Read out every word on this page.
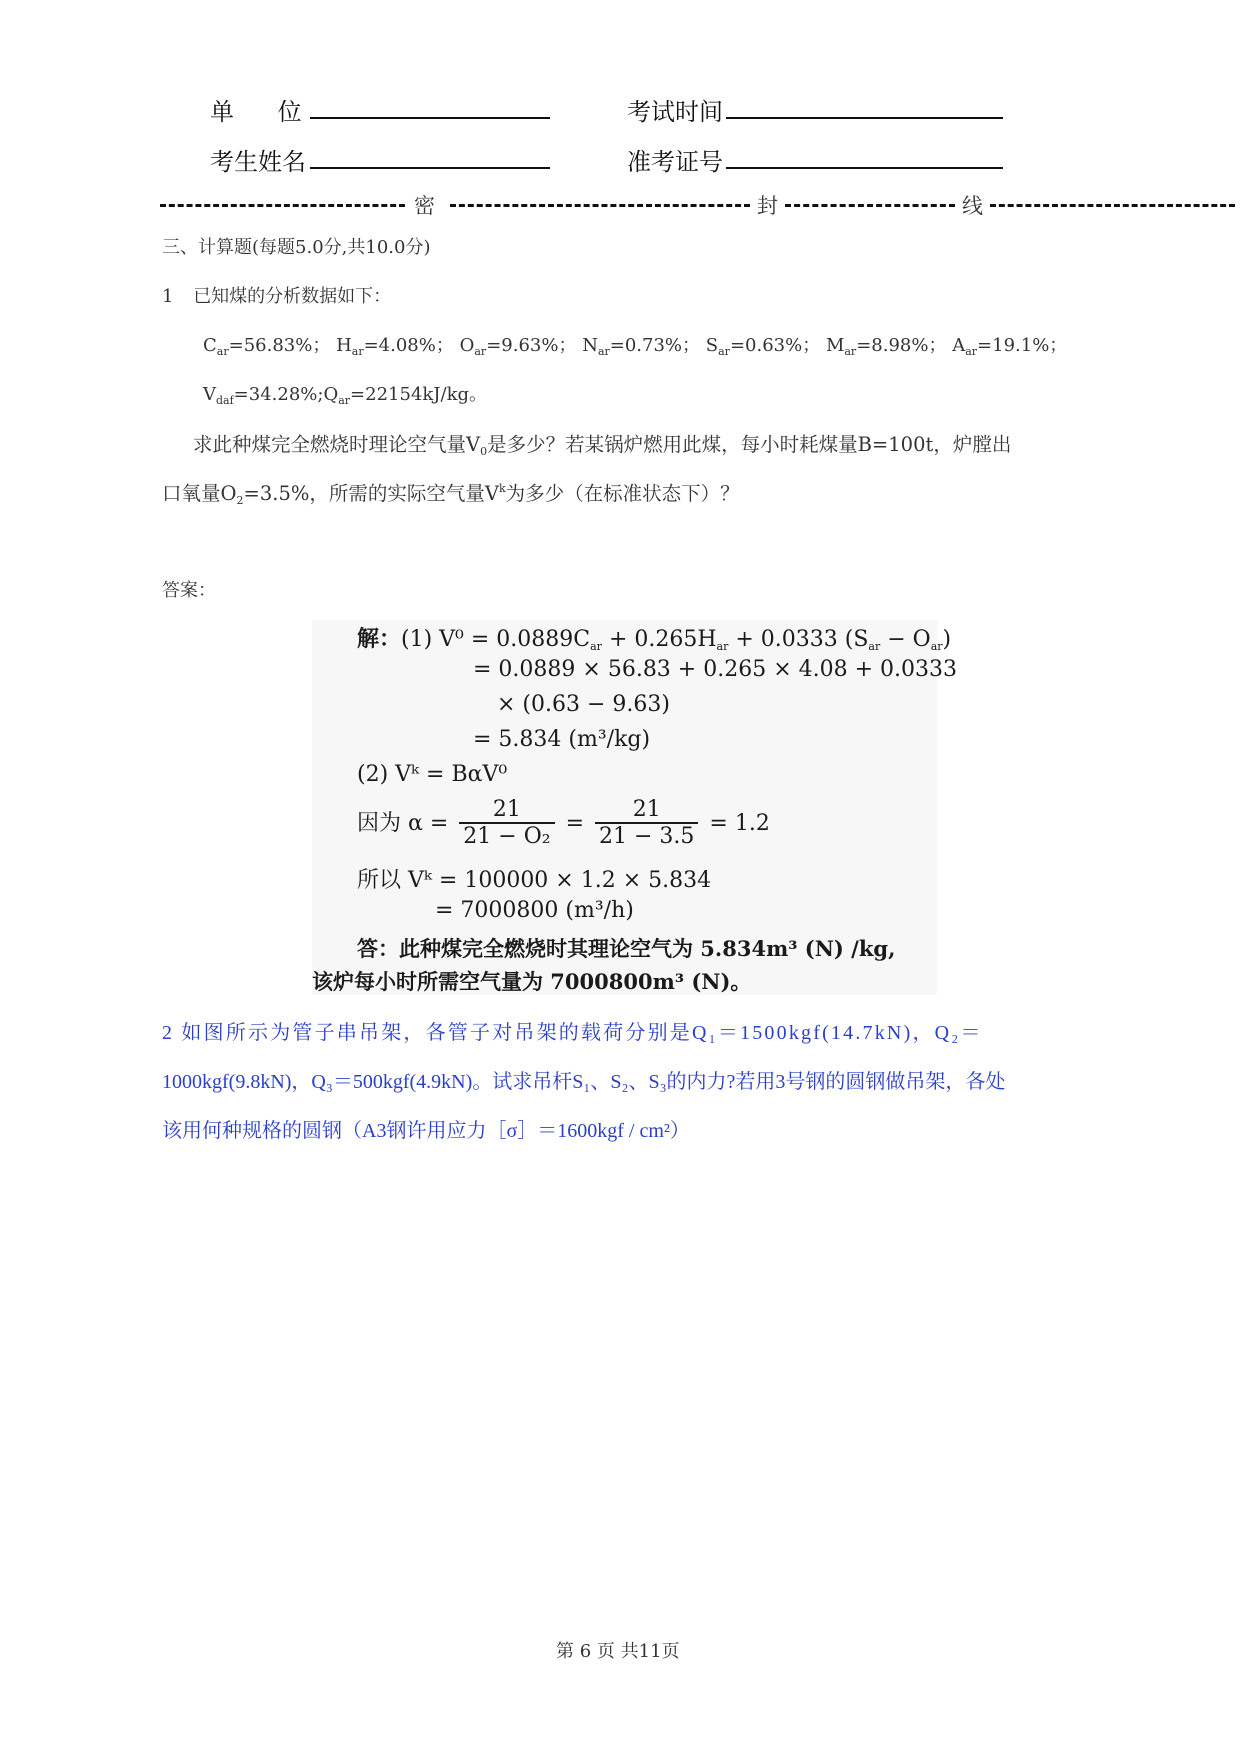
单 位	考试时间
考生姓名	准考证号
密	封	线
三、计算题(每题5.0分,共10.0分)
1 已知煤的分析数据如下：
$C_{ar}=56.83\%$； $H_{ar}=4.08\%$； $O_{ar}=9.63\%$； $N_{ar}=0.73\%$； $S_{ar}=0.63\%$； $M_{ar}=8.98\%$； $A_{ar}=19.1\%$；
$V_{daf}=34.28\%;Q_{ar}=22154kJ/kg$。
求此种煤完全燃烧时理论空气量$V_0$是多少？若某锅炉燃用此煤，每小时耗煤量B=100t，炉膛出
口氧量$O_2=3.5\%$，所需的实际空气量$V^k$为多少（在标准状态下）？
答案：
解：(1) $V^0 = 0.0889C_{ar} + 0.265H_{ar} + 0.0333$ $(S_{ar} - O_{ar})$
= 0.0889 × 56.83 + 0.265 × 4.08 + 0.0333
× (0.63 − 9.63)
= 5.834 (m³/kg)
(2) Vᵏ = BαV⁰
因为 $\alpha = \frac{21}{\text{21 − O₂}} = \frac{21}{21 - 3.5} = 1.2$
所以 Vᵏ = 100000 × 1.2 × 5.834
= 7000800 (m³/h)
答：此种煤完全燃烧时其理论空气为 5.834m³ (N) /kg,
该炉每小时所需空气量为 7000800m³ (N)。
2 如图所示为管子串吊架，各管子对吊架的载荷分别是Q₁＝1500kgf(14.7kN)，Q₂＝
1000kgf(9.8kN)，Q₃＝500kgf(4.9kN)。试求吊杆S₁、S₂、S₃的内力?若用3号钢的圆钢做吊架，各处
该用何种规格的圆钢（A3钢许用应力［σ］＝1600kgf / cm²）
第 6 页 共11页
